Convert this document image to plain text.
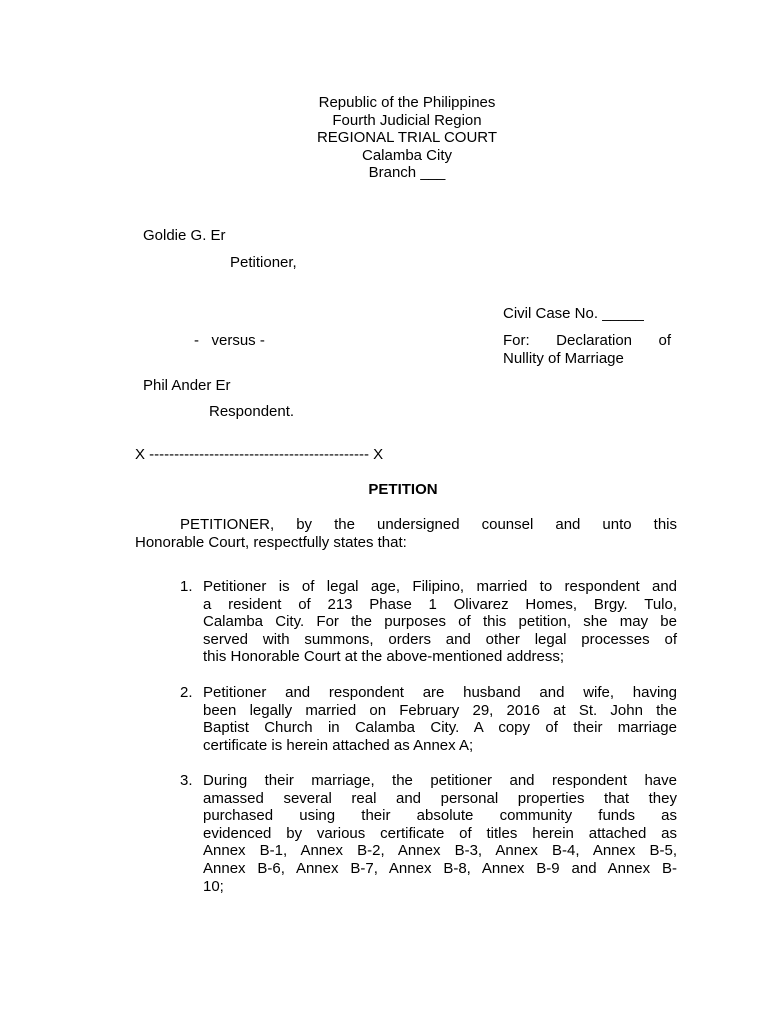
Republic of the Philippines
Fourth Judicial Region
REGIONAL TRIAL COURT
Calamba City
Branch ___
Goldie G. Er
Petitioner,
Civil Case No. _____
-   versus -	For: Declaration of
Nullity of Marriage
Phil Ander Er
Respondent.
X -------------------------------------------- X
PETITION
PETITIONER, by the undersigned counsel and unto this
Honorable Court, respectfully states that:
1. Petitioner is of legal age, Filipino, married to respondent and
a resident of 213 Phase 1 Olivarez Homes, Brgy. Tulo,
Calamba City. For the purposes of this petition, she may be
served with summons, orders and other legal processes of
this Honorable Court at the above-mentioned address;
2. Petitioner and respondent are husband and wife, having
been legally married on February 29, 2016 at St. John the
Baptist Church in Calamba City. A copy of their marriage
certificate is herein attached as Annex A;
3. During their marriage, the petitioner and respondent have
amassed several real and personal properties that they
purchased using their absolute community funds as
evidenced by various certificate of titles herein attached as
Annex B-1, Annex B-2, Annex B-3, Annex B-4, Annex B-5,
Annex B-6, Annex B-7, Annex B-8, Annex B-9 and Annex B-
10;
